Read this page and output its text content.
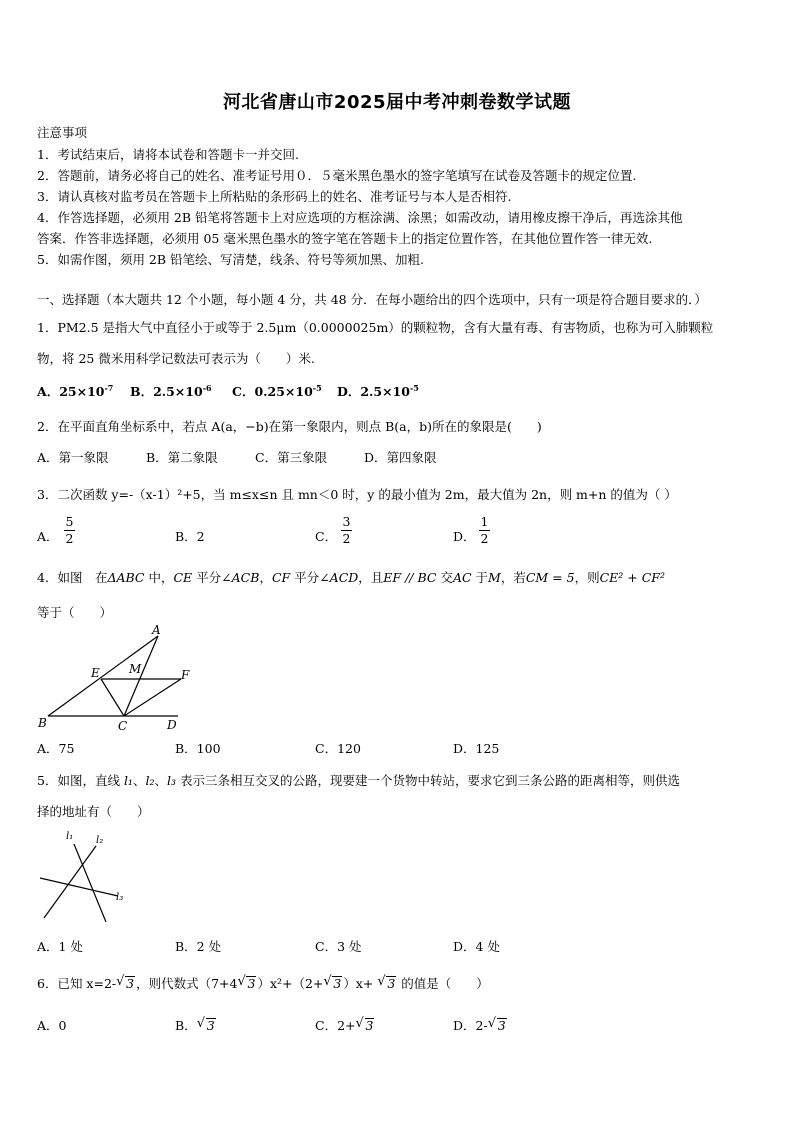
河北省唐山市2025届中考冲刺卷数学试题
注意事项
1．考试结束后，请将本试卷和答题卡一并交回.
2．答题前，请务必将自己的姓名、准考证号用０．５毫米黑色墨水的签字笔填写在试卷及答题卡的规定位置.
3．请认真核对监考员在答题卡上所粘贴的条形码上的姓名、准考证号与本人是否相符.
4．作答选择题，必须用 2B 铅笔将答题卡上对应选项的方框涂满、涂黑；如需改动，请用橡皮擦干净后，再选涂其他
答案．作答非选择题，必须用 05 毫米黑色墨水的签字笔在答题卡上的指定位置作答，在其他位置作答一律无效.
5．如需作图，须用 2B 铅笔绘、写清楚，线条、符号等须加黑、加粗.
一、选择题（本大题共 12 个小题，每小题 4 分，共 48 分．在每小题给出的四个选项中，只有一项是符合题目要求的．）
1．PM2.5 是指大气中直径小于或等于 2.5μm（0.0000025m）的颗粒物，含有大量有毒、有害物质，也称为可入肺颗粒
物，将 25 微米用科学记数法可表示为（　　）米.
A．$25\times 10^{-7}$ B．$2.5\times 10^{-6}$ C．$0.25\times 10^{-5}$ D．$2.5\times 10^{-5}$
2．在平面直角坐标系中，若点 A(a，−b)在第一象限内，则点 B(a，b)所在的象限是(　　)
A．第一象限	B．第二象限	C．第三象限	D．第四象限
3．二次函数 y=-（x-1）²+5，当 m≤x≤n 且 mn＜0 时，y 的最小值为 2m，最大值为 2n，则 m+n 的值为（ ）
A．
5
2	B．2	C．
3
2	D．
1
2
4．如图　在ΔABC 中，CE 平分∠ACB，CF 平分∠ACD，且EF // BC 交AC 于M，若CM = 5，则CE² + CF²
等于（　　）
A
E M	F
B	C	D
A．75	B．100	C．120	D．125
5．如图，直线 l₁、l₂、l₃ 表示三条相互交叉的公路，现要建一个货物中转站，要求它到三条公路的距离相等，则供选
择的地址有（　　）
l₁ l₂
l₃
A．1 处	B．2 处	C．3 处	D．4 处
6．已知 x=2- √ 3 ，则代数式（7+4 √ 3 ）x²+（2+ √ 3 ）x+ √ 3 的值是（　　）
A．0	B． √ 3	C．2+ √ 3	D．2- √ 3
